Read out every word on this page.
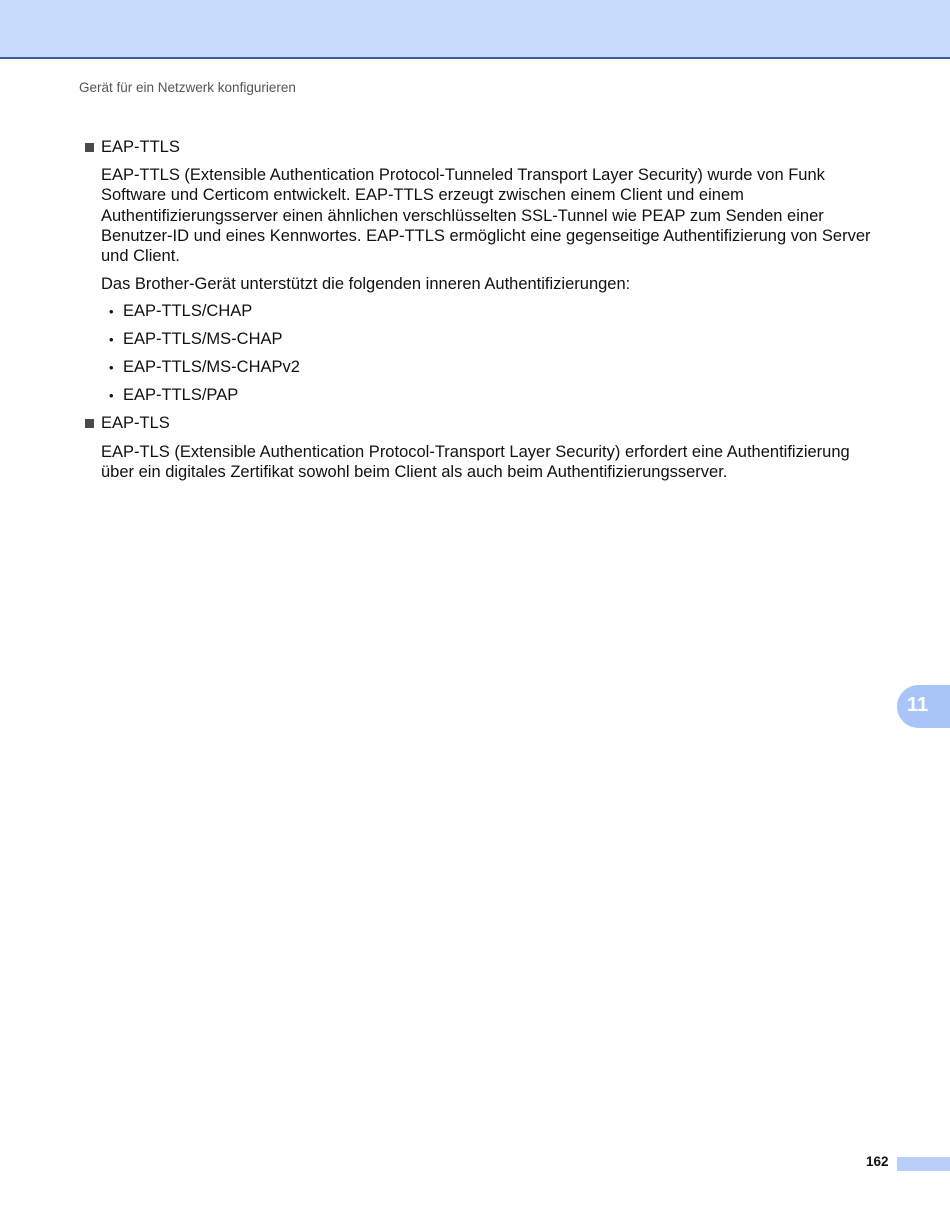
Gerät für ein Netzwerk konfigurieren
EAP-TTLS
EAP-TTLS (Extensible Authentication Protocol-Tunneled Transport Layer Security) wurde von Funk
Software und Certicom entwickelt. EAP-TTLS erzeugt zwischen einem Client und einem
Authentifizierungsserver einen ähnlichen verschlüsselten SSL-Tunnel wie PEAP zum Senden einer
Benutzer-ID und eines Kennwortes. EAP-TTLS ermöglicht eine gegenseitige Authentifizierung von Server
und Client.
Das Brother-Gerät unterstützt die folgenden inneren Authentifizierungen:
• EAP-TTLS/CHAP
• EAP-TTLS/MS-CHAP
• EAP-TTLS/MS-CHAPv2
• EAP-TTLS/PAP
EAP-TLS
EAP-TLS (Extensible Authentication Protocol-Transport Layer Security) erfordert eine Authentifizierung
über ein digitales Zertifikat sowohl beim Client als auch beim Authentifizierungsserver.
11
162
